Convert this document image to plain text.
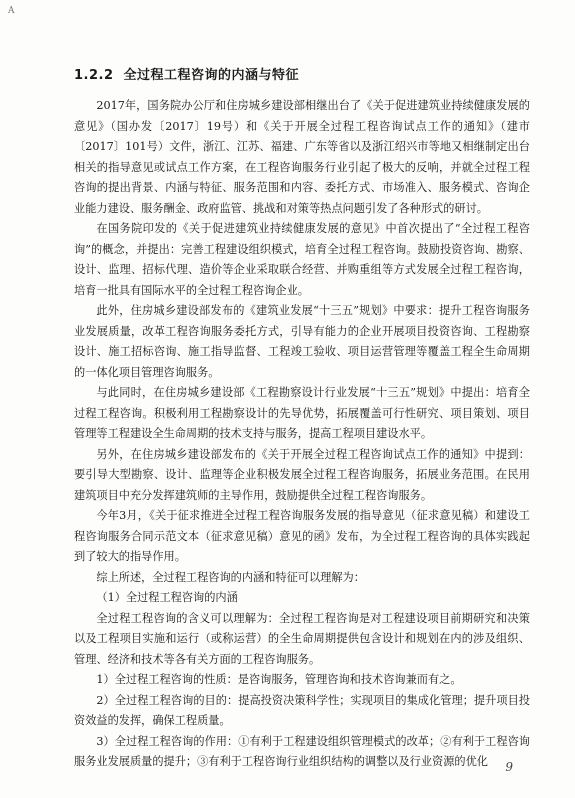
A
1.2.2 全过程工程咨询的内涵与特征

2017年，国务院办公厅和住房城乡建设部相继出台了《关于促进建筑业持续健康发展的意见》（国办发〔2017〕19号）和《关于开展全过程工程咨询试点工作的通知》（建市〔2017〕101号）文件，浙江、江苏、福建、广东等省以及浙江绍兴市等地又相继制定出台相关的指导意见或试点工作方案，在工程咨询服务行业引起了极大的反响，并就全过程工程咨询的提出背景、内涵与特征、服务范围和内容、委托方式、市场准入、服务模式、咨询企业能力建设、服务酬金、政府监管、挑战和对策等热点问题引发了各种形式的研讨。

在国务院印发的《关于促进建筑业持续健康发展的意见》中首次提出了“全过程工程咨询”的概念，并提出：完善工程建设组织模式，培育全过程工程咨询。鼓励投资咨询、勘察、设计、监理、招标代理、造价等企业采取联合经营、并购重组等方式发展全过程工程咨询，培育一批具有国际水平的全过程工程咨询企业。

此外，住房城乡建设部发布的《建筑业发展“十三五”规划》中要求：提升工程咨询服务业发展质量，改革工程咨询服务委托方式，引导有能力的企业开展项目投资咨询、工程勘察设计、施工招标咨询、施工指导监督、工程竣工验收、项目运营管理等覆盖工程全生命周期的一体化项目管理咨询服务。

与此同时，在住房城乡建设部《工程勘察设计行业发展“十三五”规划》中提出：培育全过程工程咨询。积极利用工程勘察设计的先导优势，拓展覆盖可行性研究、项目策划、项目管理等工程建设全生命周期的技术支持与服务，提高工程项目建设水平。

另外，在住房城乡建设部发布的《关于开展全过程工程咨询试点工作的通知》中提到：要引导大型勘察、设计、监理等企业积极发展全过程工程咨询服务，拓展业务范围。在民用建筑项目中充分发挥建筑师的主导作用，鼓励提供全过程工程咨询服务。

今年3月，《关于征求推进全过程工程咨询服务发展的指导意见（征求意见稿）和建设工程咨询服务合同示范文本（征求意见稿）意见的函》发布，为全过程工程咨询的具体实践起到了较大的指导作用。

综上所述，全过程工程咨询的内涵和特征可以理解为：

（1）全过程工程咨询的内涵

全过程工程咨询的含义可以理解为：全过程工程咨询是对工程建设项目前期研究和决策以及工程项目实施和运行（或称运营）的全生命周期提供包含设计和规划在内的涉及组织、管理、经济和技术等各有关方面的工程咨询服务。

1）全过程工程咨询的性质：是咨询服务，管理咨询和技术咨询兼而有之。

2）全过程工程咨询的目的：提高投资决策科学性；实现项目的集成化管理；提升项目投资效益的发挥，确保工程质量。

3）全过程工程咨询的作用：①有利于工程建设组织管理模式的改革；②有利于工程咨询服务业发展质量的提升；③有利于工程咨询行业组织结构的调整以及行业资源的优化	9
